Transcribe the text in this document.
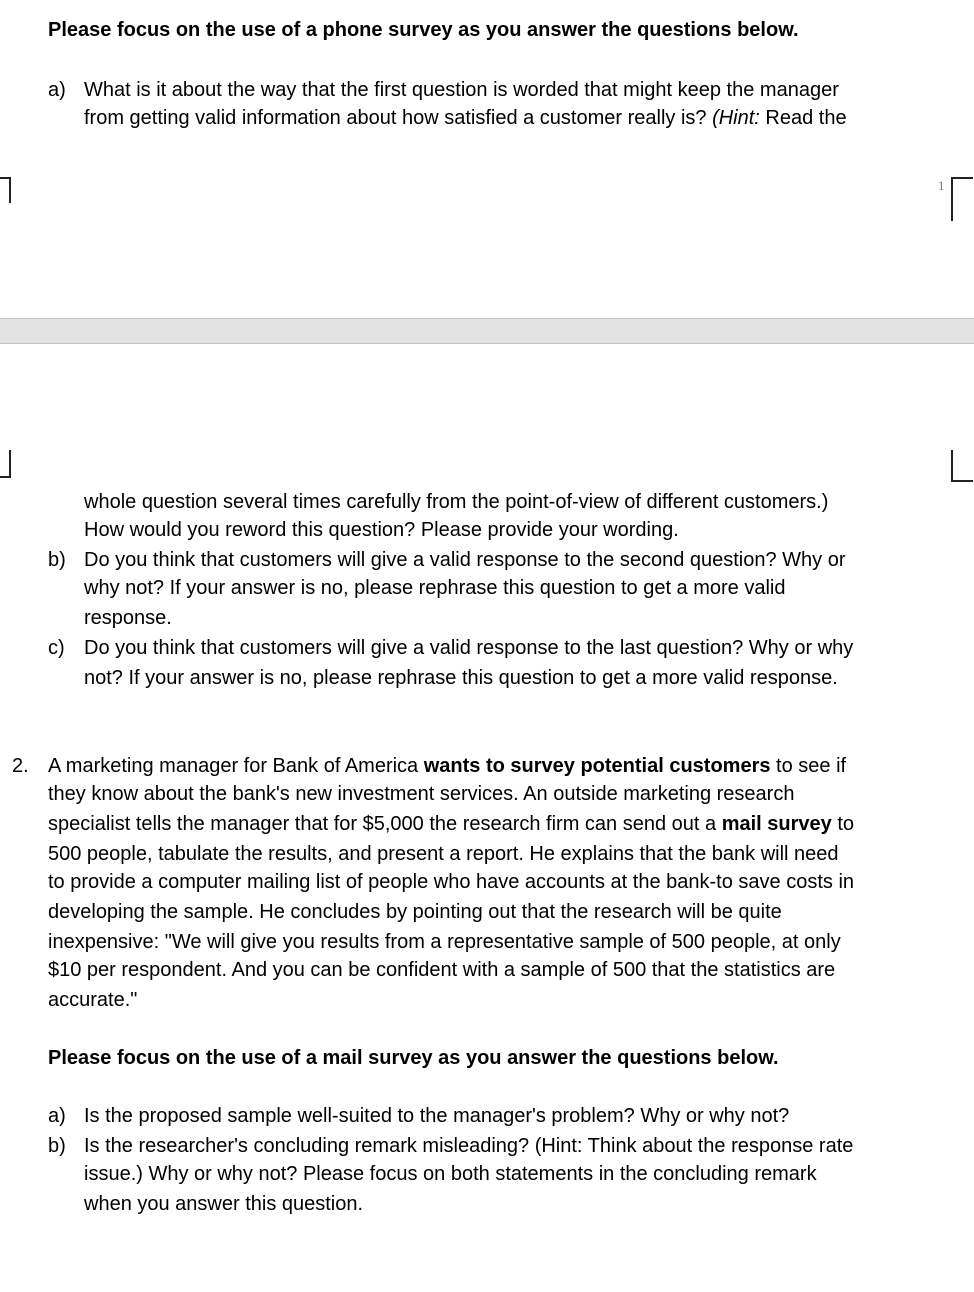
Please focus on the use of a phone survey as you answer the questions below.
a) What is it about the way that the first question is worded that might keep the manager
from getting valid information about how satisfied a customer really is? (Hint: Read the
1
whole question several times carefully from the point-of-view of different customers.)
How would you reword this question? Please provide your wording.
b) Do you think that customers will give a valid response to the second question? Why or
why not? If your answer is no, please rephrase this question to get a more valid
response.
c) Do you think that customers will give a valid response to the last question? Why or why
not? If your answer is no, please rephrase this question to get a more valid response.
2. A marketing manager for Bank of America wants to survey potential customers to see if
they know about the bank's new investment services. An outside marketing research
specialist tells the manager that for $5,000 the research firm can send out a mail survey to
500 people, tabulate the results, and present a report. He explains that the bank will need
to provide a computer mailing list of people who have accounts at the bank-to save costs in
developing the sample. He concludes by pointing out that the research will be quite
inexpensive: "We will give you results from a representative sample of 500 people, at only
$10 per respondent. And you can be confident with a sample of 500 that the statistics are
accurate."
Please focus on the use of a mail survey as you answer the questions below.
a) Is the proposed sample well-suited to the manager's problem? Why or why not?
b) Is the researcher's concluding remark misleading? (Hint: Think about the response rate
issue.) Why or why not? Please focus on both statements in the concluding remark
when you answer this question.
